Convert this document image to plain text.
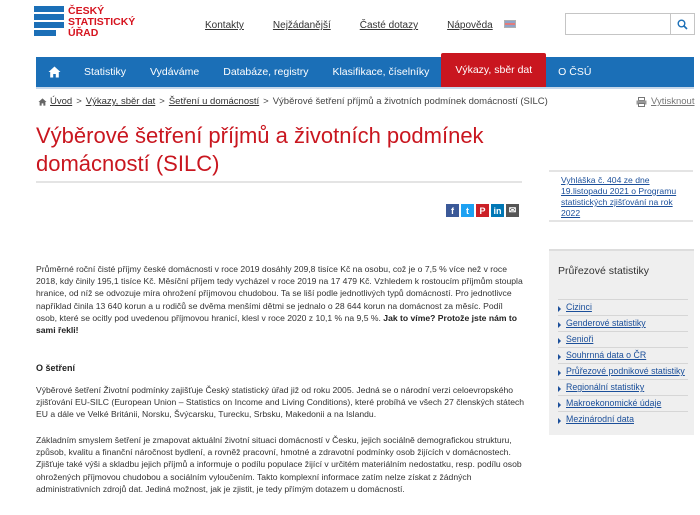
ČESKÝ
STATISTICKÝ
ÚŘAD
Kontakty	Nejžádanější	Časté dotazy	Nápověda
Statistiky	Vydáváme	Databáze, registry	Klasifikace, číselníky	Výkazy, sběr dat	O ČSÚ
Úvod > Výkazy, sběr dat > Šetření u domácností > Výběrové šetření příjmů a životních podmínek domácností (SILC)	Vytisknout
Výběrové šetření příjmů a životních podmínek domácností (SILC)
f	t	P in ✉
Průměrné roční čisté příjmy české domácnosti v roce 2019 dosáhly 209,8 tisíce Kč na osobu, což je o 7,5 % více než v roce 2018, kdy činily 195,1 tisíce Kč. Měsíční příjem tedy vycházel v roce 2019 na 17 479 Kč. Vzhledem k rostoucím příjmům stoupla hranice, od níž se odvozuje míra ohrožení příjmovou chudobou. Ta se liší podle jednotlivých typů domácností. Pro jednotlivce například činila 13 640 korun a u rodičů se dvěma menšími dětmi se jednalo o 28 644 korun na domácnost za měsíc. Podíl osob, které se ocitly pod uvedenou příjmovou hranicí, klesl v roce 2020 z 10,1 % na 9,5 %. Jak to víme? Protože jste nám to sami řekli!
O šetření
Výběrové šetření Životní podmínky zajišťuje Český statistický úřad již od roku 2005. Jedná se o národní verzi celoevropského zjišťování EU-SILC (European Union – Statistics on Income and Living Conditions), které probíhá ve všech 27 členských státech EU a dále ve Velké Británii, Norsku, Švýcarsku, Turecku, Srbsku, Makedonii a na Islandu.
Základním smyslem šetření je zmapovat aktuální životní situaci domácností v Česku, jejich sociálně demografickou strukturu, způsob, kvalitu a finanční náročnost bydlení, a rovněž pracovní, hmotné a zdravotní podmínky osob žijících v domácnostech. Zjišťuje také výši a skladbu jejich příjmů a informuje o podílu populace žijící v určitém materiálním nedostatku, resp. podílu osob ohrožených příjmovou chudobou a sociálním vyloučením. Takto komplexní informace zatím nelze získat z žádných administrativních zdrojů dat. Jediná možnost, jak je zjistit, je tedy přímým dotazem u domácností.
Vyhláška č. 404 ze dne 19.listopadu 2021 o Programu statistických zjišťování na rok 2022
Průřezové statistiky
Cizinci
Genderové statistiky
Senioři
Souhrnná data o ČR
Průřezové podnikové statistiky
Regionální statistiky
Makroekonomické údaje
Mezinárodní data
